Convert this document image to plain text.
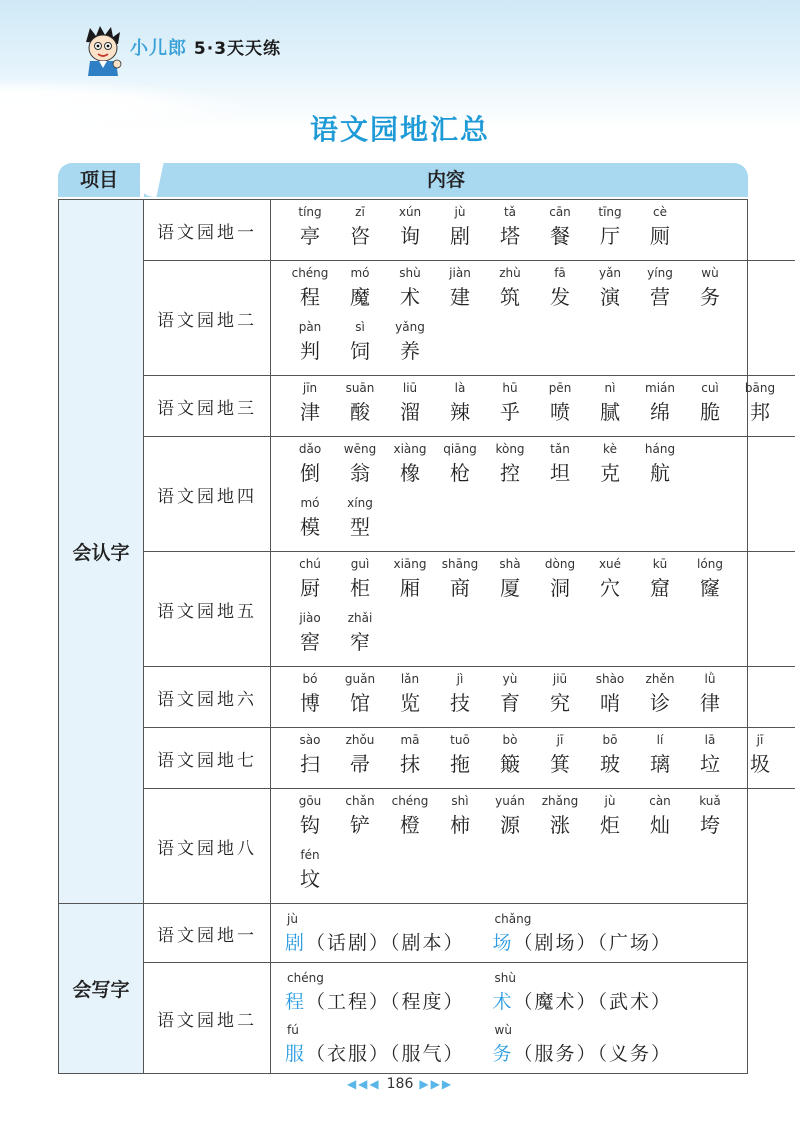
小儿郎 5·3天天练
语文园地汇总
项目	内容
会认字
语文园地一
tíng
亭
zī
咨
xún
询
jù
剧
tǎ
塔
cān
餐
tīng
厅
cè
厕
语文园地二
chéng
程
mó
魔
shù
术
jiàn
建
zhù
筑
fā
发
yǎn
演
yíng
营
wù
务
pàn
判
sì
饲
yǎng
养
语文园地三
jīn
津
suān
酸
liū
溜
là
辣
hū
乎
pēn
喷
nì
腻
mián
绵
cuì
脆
bāng
邦
语文园地四
dǎo
倒
wēng
翁
xiàng
橡
qiāng
枪
kòng
控
tǎn
坦
kè
克
háng
航
mó
模
xíng
型
语文园地五
chú
厨
guì
柜
xiāng
厢
shāng
商
shà
厦
dòng
洞
xué
穴
kū
窟
lóng
窿
jiào
窖
zhǎi
窄
语文园地六
bó
博
guǎn
馆
lǎn
览
jì
技
yù
育
jiū
究
shào
哨
zhěn
诊
lǜ
律
语文园地七
sào
扫
zhǒu
帚
mā
抹
tuō
拖
bò
簸
jī
箕
bō
玻
lí
璃
lā
垃
jī
圾
语文园地八
gōu
钩
chǎn
铲
chéng
橙
shì
柿
yuán
源
zhǎng
涨
jù
炬
càn
灿
kuǎ
垮
fén
坟
会写字
语文园地一
jù
剧（话剧）（剧本）
chǎng
场（剧场）（广场）
语文园地二
chéng
程（工程）（程度）
shù
术（魔术）（武术）
fú
服（衣服）（服气）
wù
务（服务）（义务）
◀◀◀ 186 ▶▶▶
